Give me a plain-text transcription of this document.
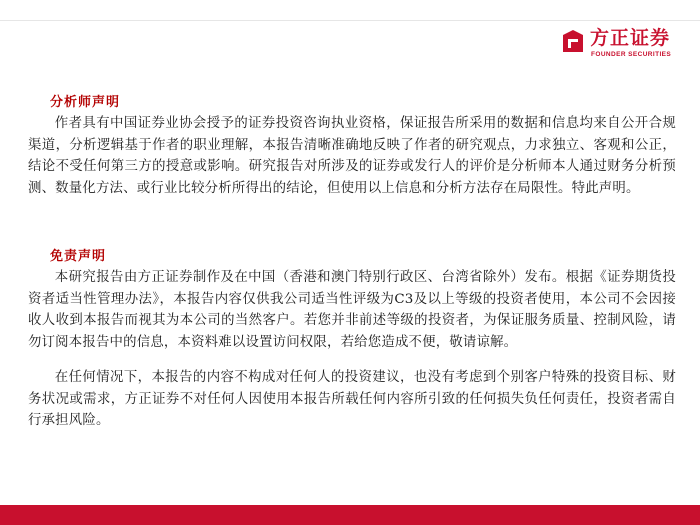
方正证券
FOUNDER SECURITIES
分析师声明

作者具有中国证券业协会授予的证券投资咨询执业资格，保证报告所采用的数据和信息均来自公开合规渠道，分析逻辑基于作者的职业理解，本报告清晰准确地反映了作者的研究观点，力求独立、客观和公正，结论不受任何第三方的授意或影响。研究报告对所涉及的证券或发行人的评价是分析师本人通过财务分析预测、数量化方法、或行业比较分析所得出的结论，但使用以上信息和分析方法存在局限性。特此声明。

免责声明

本研究报告由方正证券制作及在中国（香港和澳门特别行政区、台湾省除外）发布。根据《证券期货投资者适当性管理办法》，本报告内容仅供我公司适当性评级为C3及以上等级的投资者使用，本公司不会因接收人收到本报告而视其为本公司的当然客户。若您并非前述等级的投资者，为保证服务质量、控制风险，请勿订阅本报告中的信息，本资料难以设置访问权限，若给您造成不便，敬请谅解。

在任何情况下，本报告的内容不构成对任何人的投资建议，也没有考虑到个别客户特殊的投资目标、财务状况或需求，方正证券不对任何人因使用本报告所载任何内容所引致的任何损失负任何责任，投资者需自行承担风险。
